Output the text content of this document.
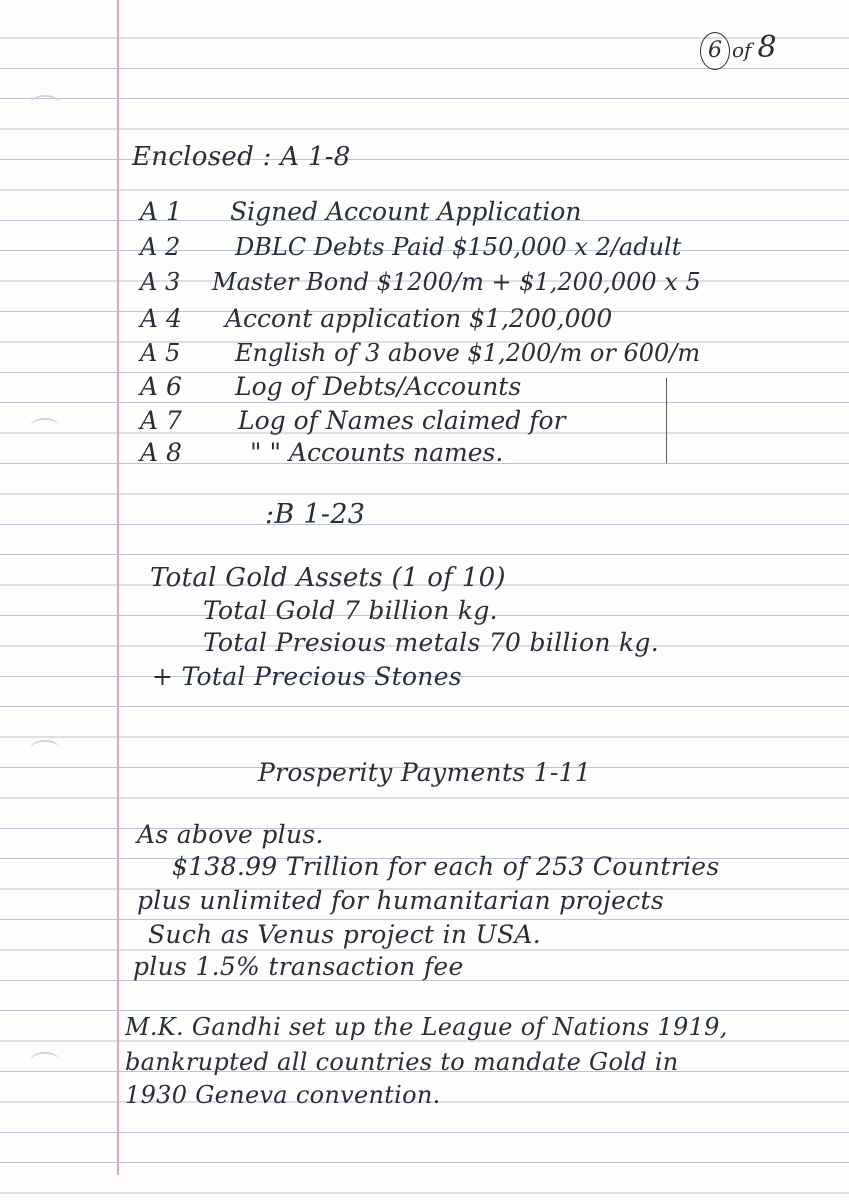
6 of 8

Enclosed : A 1-8

A 1 Signed Account Application
A 2 DBLC Debts Paid $150,000 x 2/adult
A 3 Master Bond $1200/m + $1,200,000 x 5
A 4 Accont application $1,200,000
A 5 English of 3 above $1,200/m or 600/m
A 6 Log of Debts/Accounts
A 7 Log of Names claimed for
A 8	" " Accounts names.

:B 1-23

Total Gold Assets (1 of 10)

Total Gold 7 billion kg.

Total Presious metals 70 billion kg.

+ Total Precious Stones

Prosperity Payments 1-11

As above plus.

$138.99 Trillion for each of 253 Countries

plus unlimited for humanitarian projects

Such as Venus project in USA.

plus 1.5% transaction fee

M.K. Gandhi set up the League of Nations 1919,

bankrupted all countries to mandate Gold in

1930 Geneva convention.
